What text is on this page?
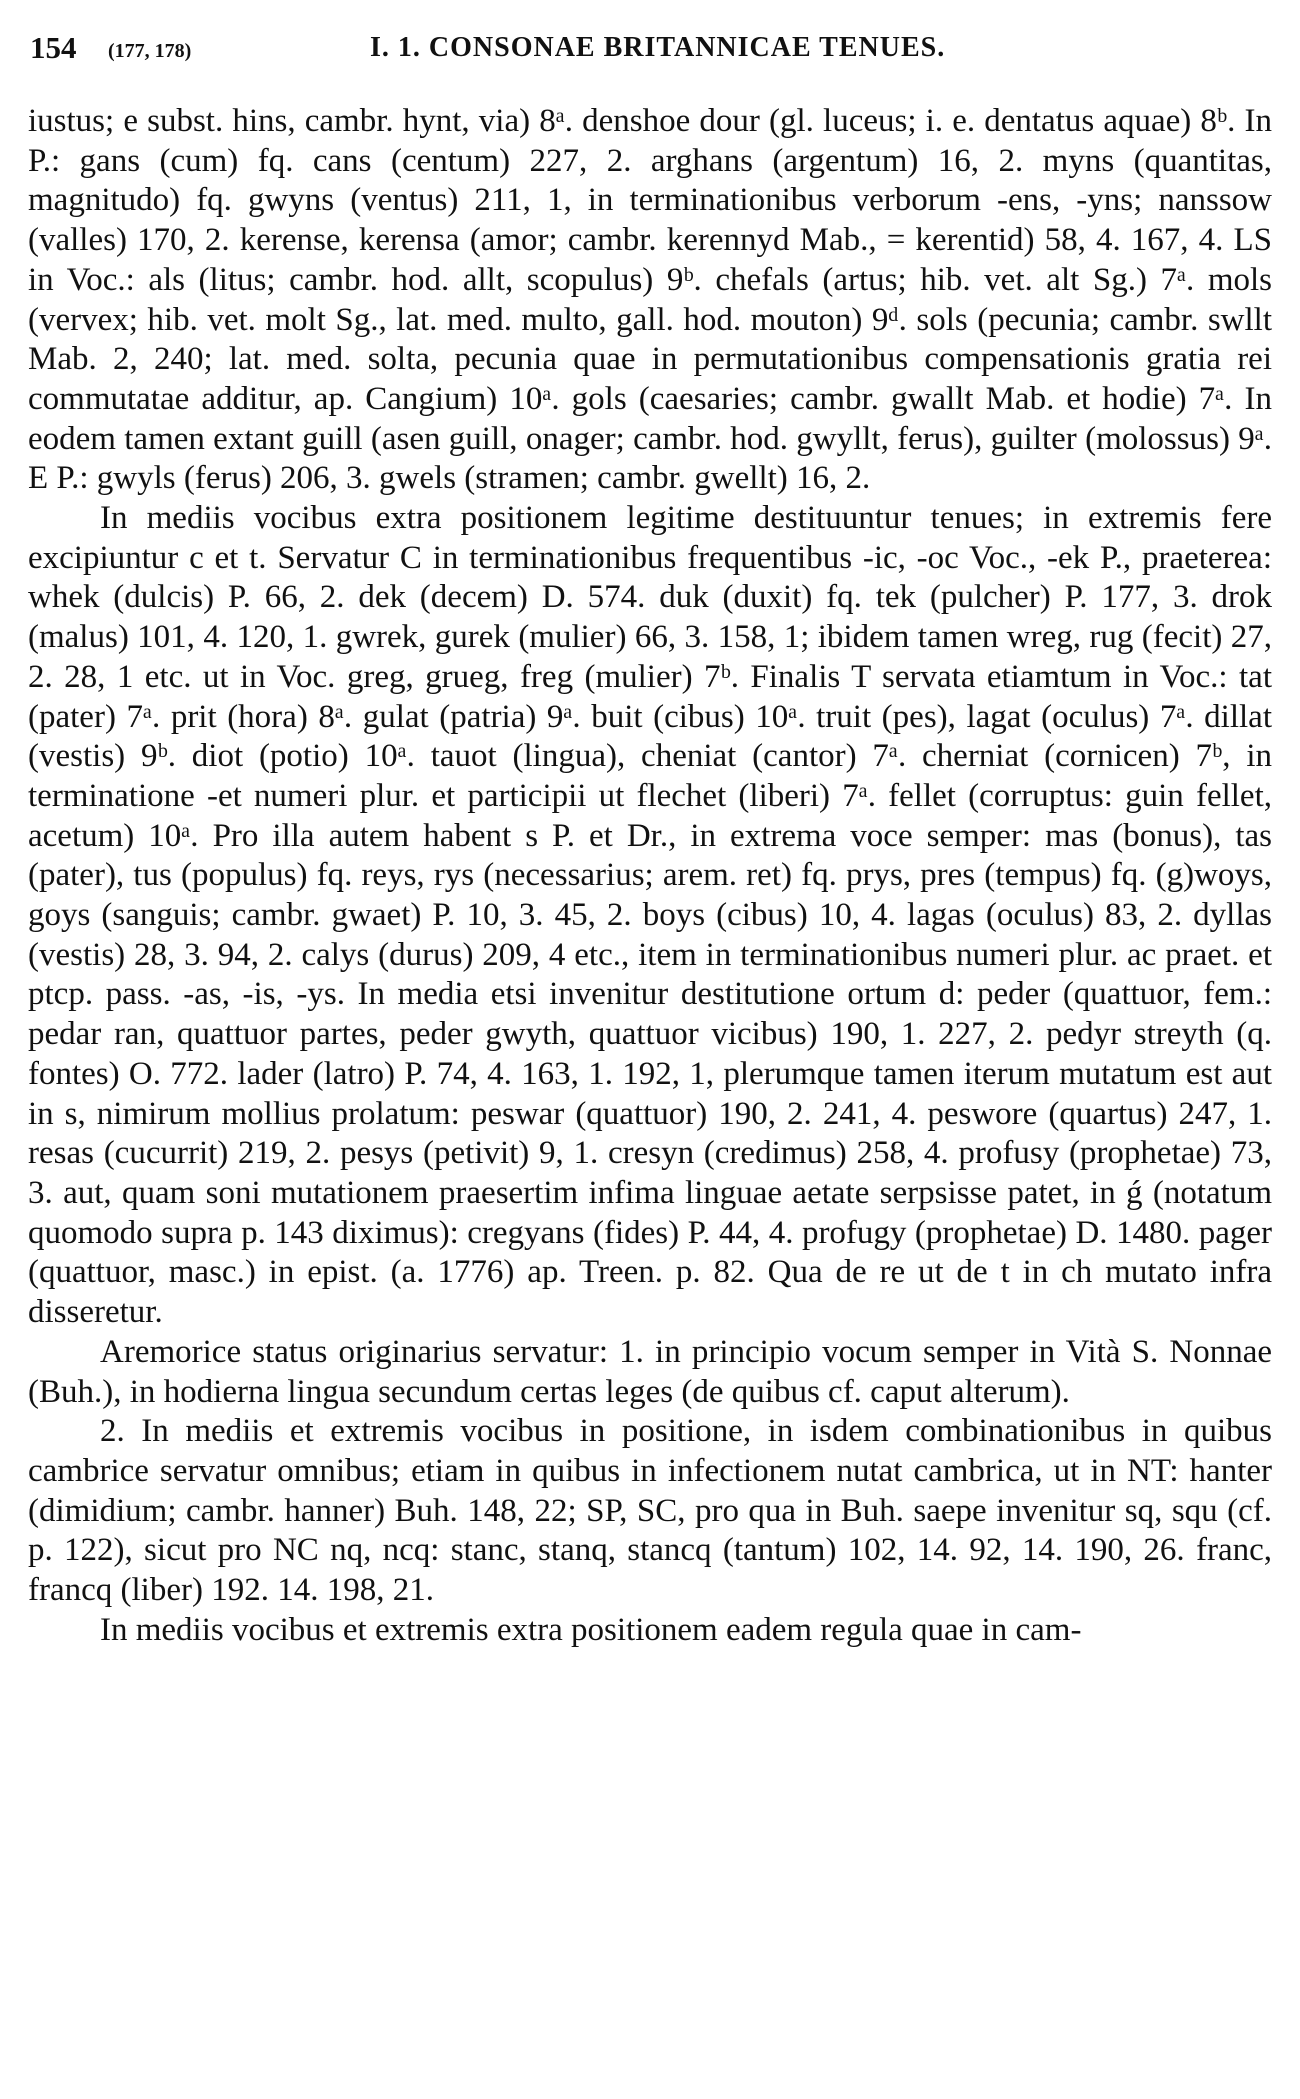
154 (177, 178)	I. 1. CONSONAE BRITANNICAE TENUES.

iustus; e subst. hins, cambr. hynt, via) 8ᵃ. denshoe dour (gl. luceus; i. e. dentatus aquae) 8ᵇ. In P.: gans (cum) fq. cans (centum) 227, 2. arghans (argentum) 16, 2. myns (quantitas, magnitudo) fq. gwyns (ventus) 211, 1, in terminationibus verborum -ens, -yns; nanssow (valles) 170, 2. kerense, kerensa (amor; cambr. kerennyd Mab., = kerentid) 58, 4. 167, 4. LS in Voc.: als (litus; cambr. hod. allt, scopulus) 9ᵇ. chefals (artus; hib. vet. alt Sg.) 7ᵃ. mols (vervex; hib. vet. molt Sg., lat. med. multo, gall. hod. mouton) 9ᵈ. sols (pecunia; cambr. swllt Mab. 2, 240; lat. med. solta, pecunia quae in permutationibus compensationis gratia rei commutatae additur, ap. Cangium) 10ᵃ. gols (caesaries; cambr. gwallt Mab. et hodie) 7ᵃ. In eodem tamen extant guill (asen guill, onager; cambr. hod. gwyllt, ferus), guilter (molossus) 9ᵃ. E P.: gwyls (ferus) 206, 3. gwels (stramen; cambr. gwellt) 16, 2.

In mediis vocibus extra positionem legitime destituuntur tenues; in extremis fere excipiuntur c et t. Servatur C in terminationibus frequentibus -ic, -oc Voc., -ek P., praeterea: whek (dulcis) P. 66, 2. dek (decem) D. 574. duk (duxit) fq. tek (pulcher) P. 177, 3. drok (malus) 101, 4. 120, 1. gwrek, gurek (mulier) 66, 3. 158, 1; ibidem tamen wreg, rug (fecit) 27, 2. 28, 1 etc. ut in Voc. greg, grueg, freg (mulier) 7ᵇ. Finalis T servata etiamtum in Voc.: tat (pater) 7ᵃ. prit (hora) 8ᵃ. gulat (patria) 9ᵃ. buit (cibus) 10ᵃ. truit (pes), lagat (oculus) 7ᵃ. dillat (vestis) 9ᵇ. diot (potio) 10ᵃ. tauot (lingua), cheniat (cantor) 7ᵃ. cherniat (cornicen) 7ᵇ, in terminatione -et numeri plur. et participii ut flechet (liberi) 7ᵃ. fellet (corruptus: guin fellet, acetum) 10ᵃ. Pro illa autem habent s P. et Dr., in extrema voce semper: mas (bonus), tas (pater), tus (populus) fq. reys, rys (necessarius; arem. ret) fq. prys, pres (tempus) fq. (g)woys, goys (sanguis; cambr. gwaet) P. 10, 3. 45, 2. boys (cibus) 10, 4. lagas (oculus) 83, 2. dyllas (vestis) 28, 3. 94, 2. calys (durus) 209, 4 etc., item in terminationibus numeri plur. ac praet. et ptcp. pass. -as, -is, -ys. In media etsi invenitur destitutione ortum d: peder (quattuor, fem.: pedar ran, quattuor partes, peder gwyth, quattuor vicibus) 190, 1. 227, 2. pedyr streyth (q. fontes) O. 772. lader (latro) P. 74, 4. 163, 1. 192, 1, plerumque tamen iterum mutatum est aut in s, nimirum mollius prolatum: peswar (quattuor) 190, 2. 241, 4. peswore (quartus) 247, 1. resas (cucurrit) 219, 2. pesys (petivit) 9, 1. cresyn (credimus) 258, 4. profusy (prophetae) 73, 3. aut, quam soni mutationem praesertim infima linguae aetate serpsisse patet, in ǵ (notatum quomodo supra p. 143 diximus): cregyans (fides) P. 44, 4. profugy (prophetae) D. 1480. pager (quattuor, masc.) in epist. (a. 1776) ap. Treen. p. 82. Qua de re ut de t in ch mutato infra disseretur.

Aremorice status originarius servatur: 1. in principio vocum semper in Vità S. Nonnae (Buh.), in hodierna lingua secundum certas leges (de quibus cf. caput alterum).

2. In mediis et extremis vocibus in positione, in isdem combinationibus in quibus cambrice servatur omnibus; etiam in quibus in infectionem nutat cambrica, ut in NT: hanter (dimidium; cambr. hanner) Buh. 148, 22; SP, SC, pro qua in Buh. saepe invenitur sq, squ (cf. p. 122), sicut pro NC nq, ncq: stanc, stanq, stancq (tantum) 102, 14. 92, 14. 190, 26. franc, francq (liber) 192. 14. 198, 21.

In mediis vocibus et extremis extra positionem eadem regula quae in cam-
